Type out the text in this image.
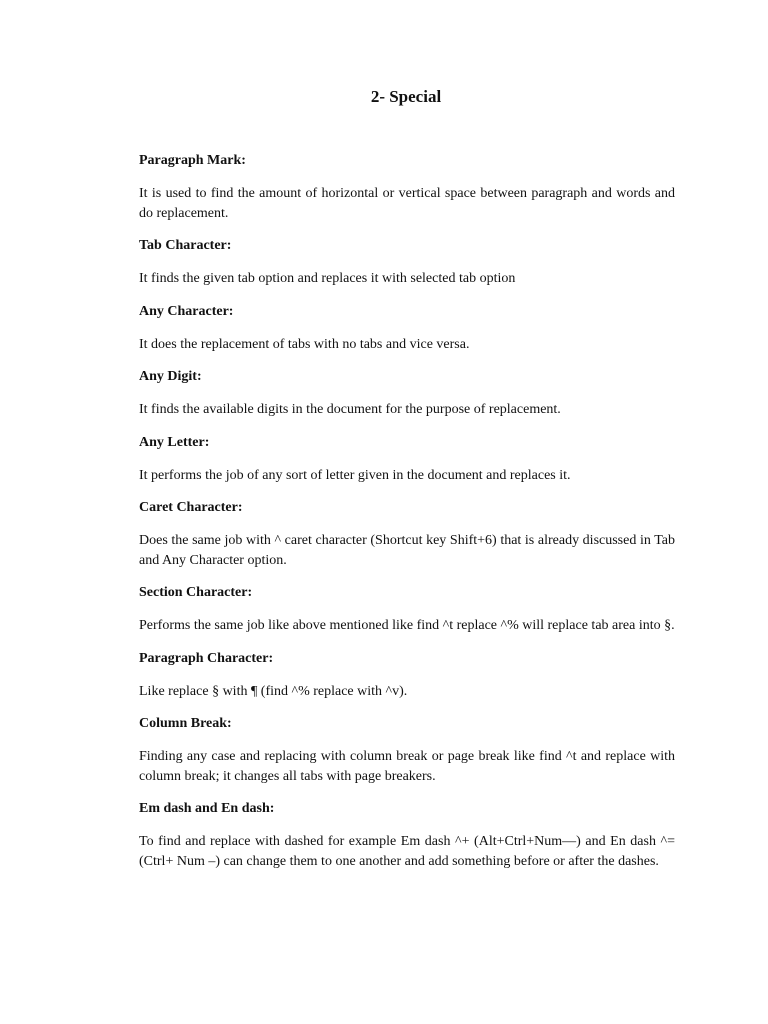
2- Special
Paragraph Mark:

It is used to find the amount of horizontal or vertical space between paragraph and words and do replacement.

Tab Character:

It finds the given tab option and replaces it with selected tab option

Any Character:

It does the replacement of tabs with no tabs and vice versa.

Any Digit:

It finds the available digits in the document for the purpose of replacement.

Any Letter:

It performs the job of any sort of letter given in the document and replaces it.

Caret Character:

Does the same job with ^ caret character (Shortcut key Shift+6) that is already discussed in Tab and Any Character option.

Section Character:

Performs the same job like above mentioned like find ^t replace ^% will replace tab area into §.

Paragraph Character:

Like replace § with ¶ (find ^% replace with ^v).

Column Break:

Finding any case and replacing with column break or page break like find ^t and replace with column break; it changes all tabs with page breakers.

Em dash and En dash:

To find and replace with dashed for example Em dash ^+ (Alt+Ctrl+Num—) and En dash ^= (Ctrl+ Num –) can change them to one another and add something before or after the dashes.
